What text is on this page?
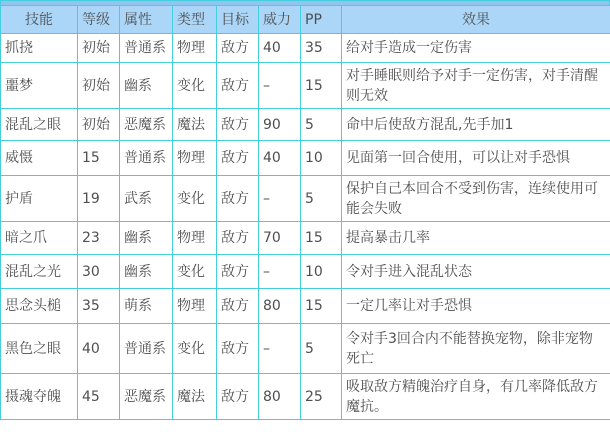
技能	等级	属性	类型	目标	威力	PP	效果
抓挠	初始	普通系	物理	敌方	40	35	给对手造成一定伤害
噩梦	初始	幽系	变化	敌方	–	15	对手睡眠则给予对手一定伤害，对手清醒则无效
混乱之眼	初始	恶魔系	魔法	敌方	90	5	命中后使敌方混乱,先手加1
威慑	15	普通系	物理	敌方	40	10	见面第一回合使用，可以让对手恐惧
护盾	19	武系	变化	敌方	–	5	保护自己本回合不受到伤害，连续使用可能会失败
暗之爪	23	幽系	物理	敌方	70	15	提高暴击几率
混乱之光	30	幽系	变化	敌方	–	10	令对手进入混乱状态
思念头槌	35	萌系	物理	敌方	80	15	一定几率让对手恐惧
黑色之眼	40	普通系	变化	敌方	–	5	令对手3回合内不能替换宠物，除非宠物死亡
摄魂夺魄	45	恶魔系	魔法	敌方	80	25	吸取敌方精魄治疗自身，有几率降低敌方魔抗。
